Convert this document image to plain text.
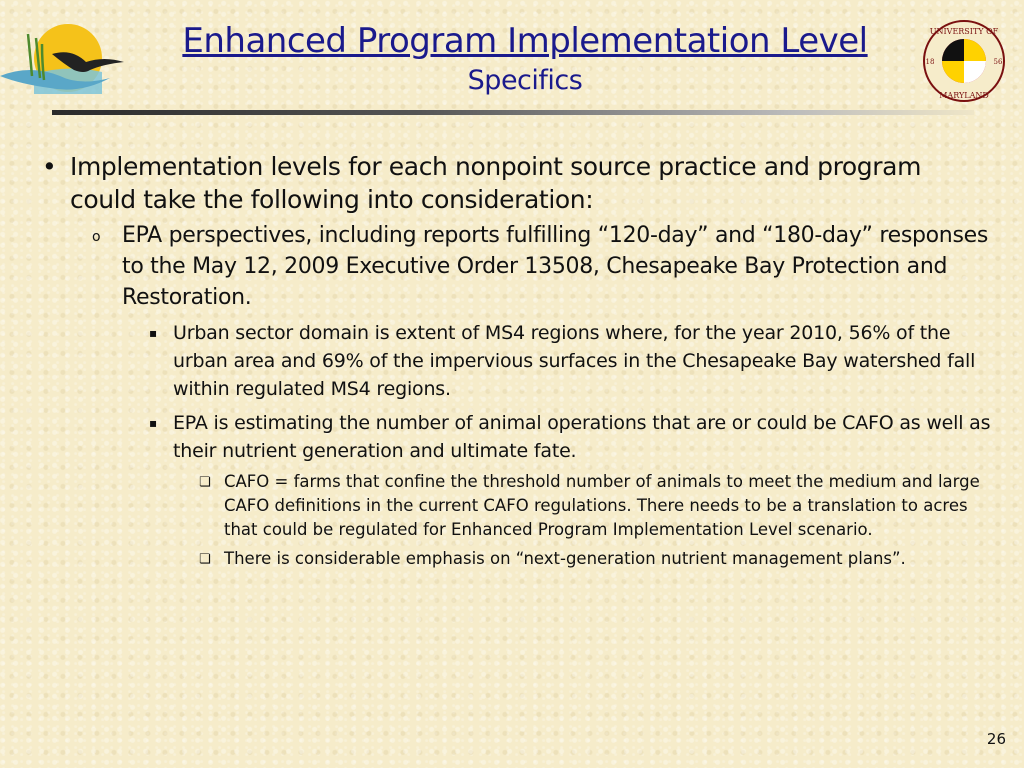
Enhanced Program Implementation Level
Specifics
UNIVERSITY OF
MARYLAND
18	56
• Implementation levels for each nonpoint source practice and program could take the following into consideration:
o EPA perspectives, including reports fulfilling “120-day” and “180-day” responses to the May 12, 2009 Executive Order 13508, Chesapeake Bay Protection and Restoration.
▪ Urban sector domain is extent of MS4 regions where, for the year 2010, 56% of the urban area and 69% of the impervious surfaces in the Chesapeake Bay watershed fall within regulated MS4 regions.
▪ EPA is estimating the number of animal operations that are or could be CAFO as well as their nutrient generation and ultimate fate.
❏ CAFO = farms that confine the threshold number of animals to meet the medium and large CAFO definitions in the current CAFO regulations. There needs to be a translation to acres that could be regulated for Enhanced Program Implementation Level scenario.
❏ There is considerable emphasis on “next-generation nutrient management plans”.
26
